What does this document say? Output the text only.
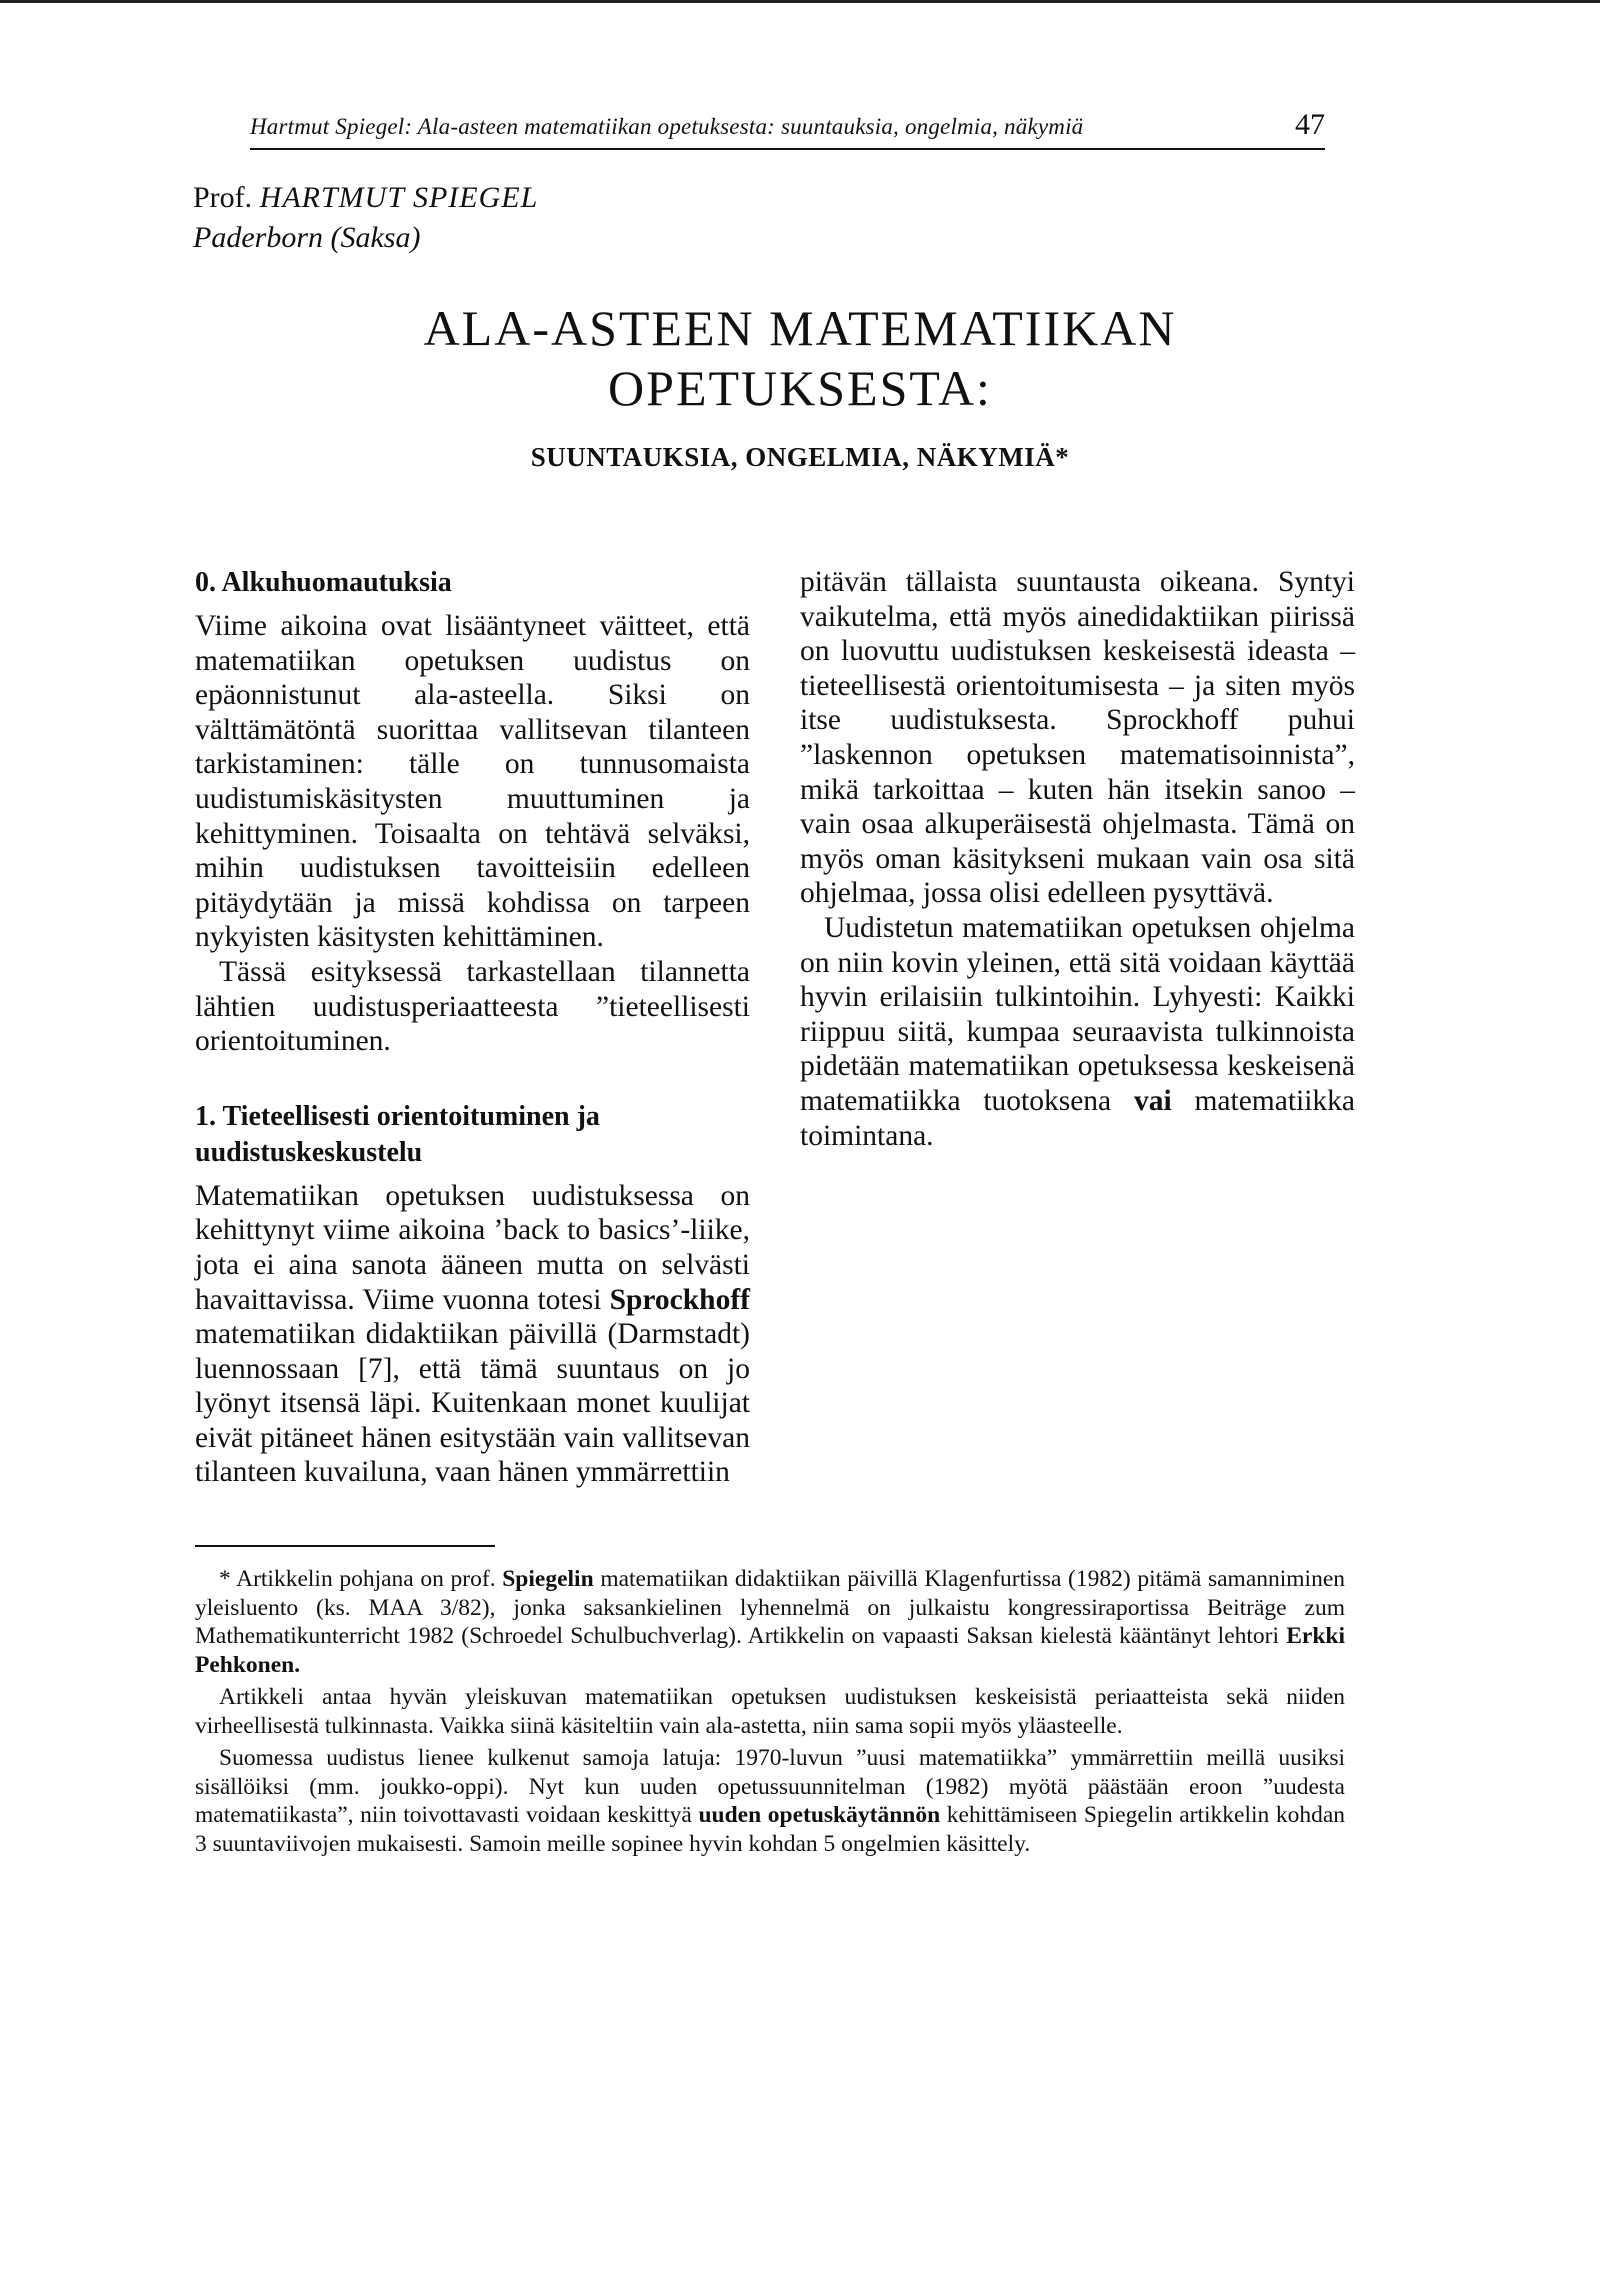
Hartmut Spiegel: Ala-asteen matematiikan opetuksesta: suuntauksia, ongelmia, näkymiä	47
Prof. HARTMUT SPIEGEL
Paderborn (Saksa)
ALA-ASTEEN MATEMATIIKAN
OPETUKSESTA:
SUUNTAUKSIA, ONGELMIA, NÄKYMIÄ*
0. Alkuhuomautuksia

Viime aikoina ovat lisääntyneet väitteet, että matematiikan opetuksen uudistus on epäonnistunut ala-asteella. Siksi on välttämätöntä suorittaa vallitsevan tilanteen tarkistaminen: tälle on tunnusomaista uudistumiskäsitysten muuttuminen ja kehittyminen. Toisaalta on tehtävä selväksi, mihin uudistuksen tavoitteisiin edelleen pitäydytään ja missä kohdissa on tarpeen nykyisten käsitysten kehittäminen.

Tässä esityksessä tarkastellaan tilannetta lähtien uudistusperiaatteesta ”tieteellisesti orientoituminen.

1. Tieteellisesti orientoituminen ja uudistuskeskustelu

Matematiikan opetuksen uudistuksessa on kehittynyt viime aikoina ’back to basics’-liike, jota ei aina sanota ääneen mutta on selvästi havaittavissa. Viime vuonna totesi Sprockhoff matematiikan didaktiikan päivillä (Darmstadt) luennossaan [7], että tämä suuntaus on jo lyönyt itsensä läpi. Kuitenkaan monet kuulijat eivät pitäneet hänen esitystään vain vallitsevan tilanteen kuvailuna, vaan hänen ymmärrettiin

pitävän tällaista suuntausta oikeana. Syntyi vaikutelma, että myös ainedidaktiikan piirissä on luovuttu uudistuksen keskeisestä ideasta – tieteellisestä orientoitumisesta – ja siten myös itse uudistuksesta. Sprockhoff puhui ”laskennon opetuksen matematisoinnista”, mikä tarkoittaa – kuten hän itsekin sanoo – vain osaa alkuperäisestä ohjelmasta. Tämä on myös oman käsitykseni mukaan vain osa sitä ohjelmaa, jossa olisi edelleen pysyttävä.

Uudistetun matematiikan opetuksen ohjelma on niin kovin yleinen, että sitä voidaan käyttää hyvin erilaisiin tulkintoihin. Lyhyesti: Kaikki riippuu siitä, kumpaa seuraavista tulkinnoista pidetään matematiikan opetuksessa keskeisenä matematiikka tuotoksena vai matematiikka toimintana.

* Artikkelin pohjana on prof. Spiegelin matematiikan didaktiikan päivillä Klagenfurtissa (1982) pitämä samanniminen yleisluento (ks. MAA 3/82), jonka saksankielinen lyhennelmä on julkaistu kongressiraportissa Beiträge zum Mathematikunterricht 1982 (Schroedel Schulbuchverlag). Artikkelin on vapaasti Saksan kielestä kääntänyt lehtori Erkki Pehkonen.

Artikkeli antaa hyvän yleiskuvan matematiikan opetuksen uudistuksen keskeisistä periaatteista sekä niiden virheellisestä tulkinnasta. Vaikka siinä käsiteltiin vain ala-astetta, niin sama sopii myös yläasteelle.

Suomessa uudistus lienee kulkenut samoja latuja: 1970-luvun ”uusi matematiikka” ymmärrettiin meillä uusiksi sisällöiksi (mm. joukko-oppi). Nyt kun uuden opetussuunnitelman (1982) myötä päästään eroon ”uudesta matematiikasta”, niin toivottavasti voidaan keskittyä uuden opetuskäytännön kehittämiseen Spiegelin artikkelin kohdan 3 suuntaviivojen mukaisesti. Samoin meille sopinee hyvin kohdan 5 ongelmien käsittely.
